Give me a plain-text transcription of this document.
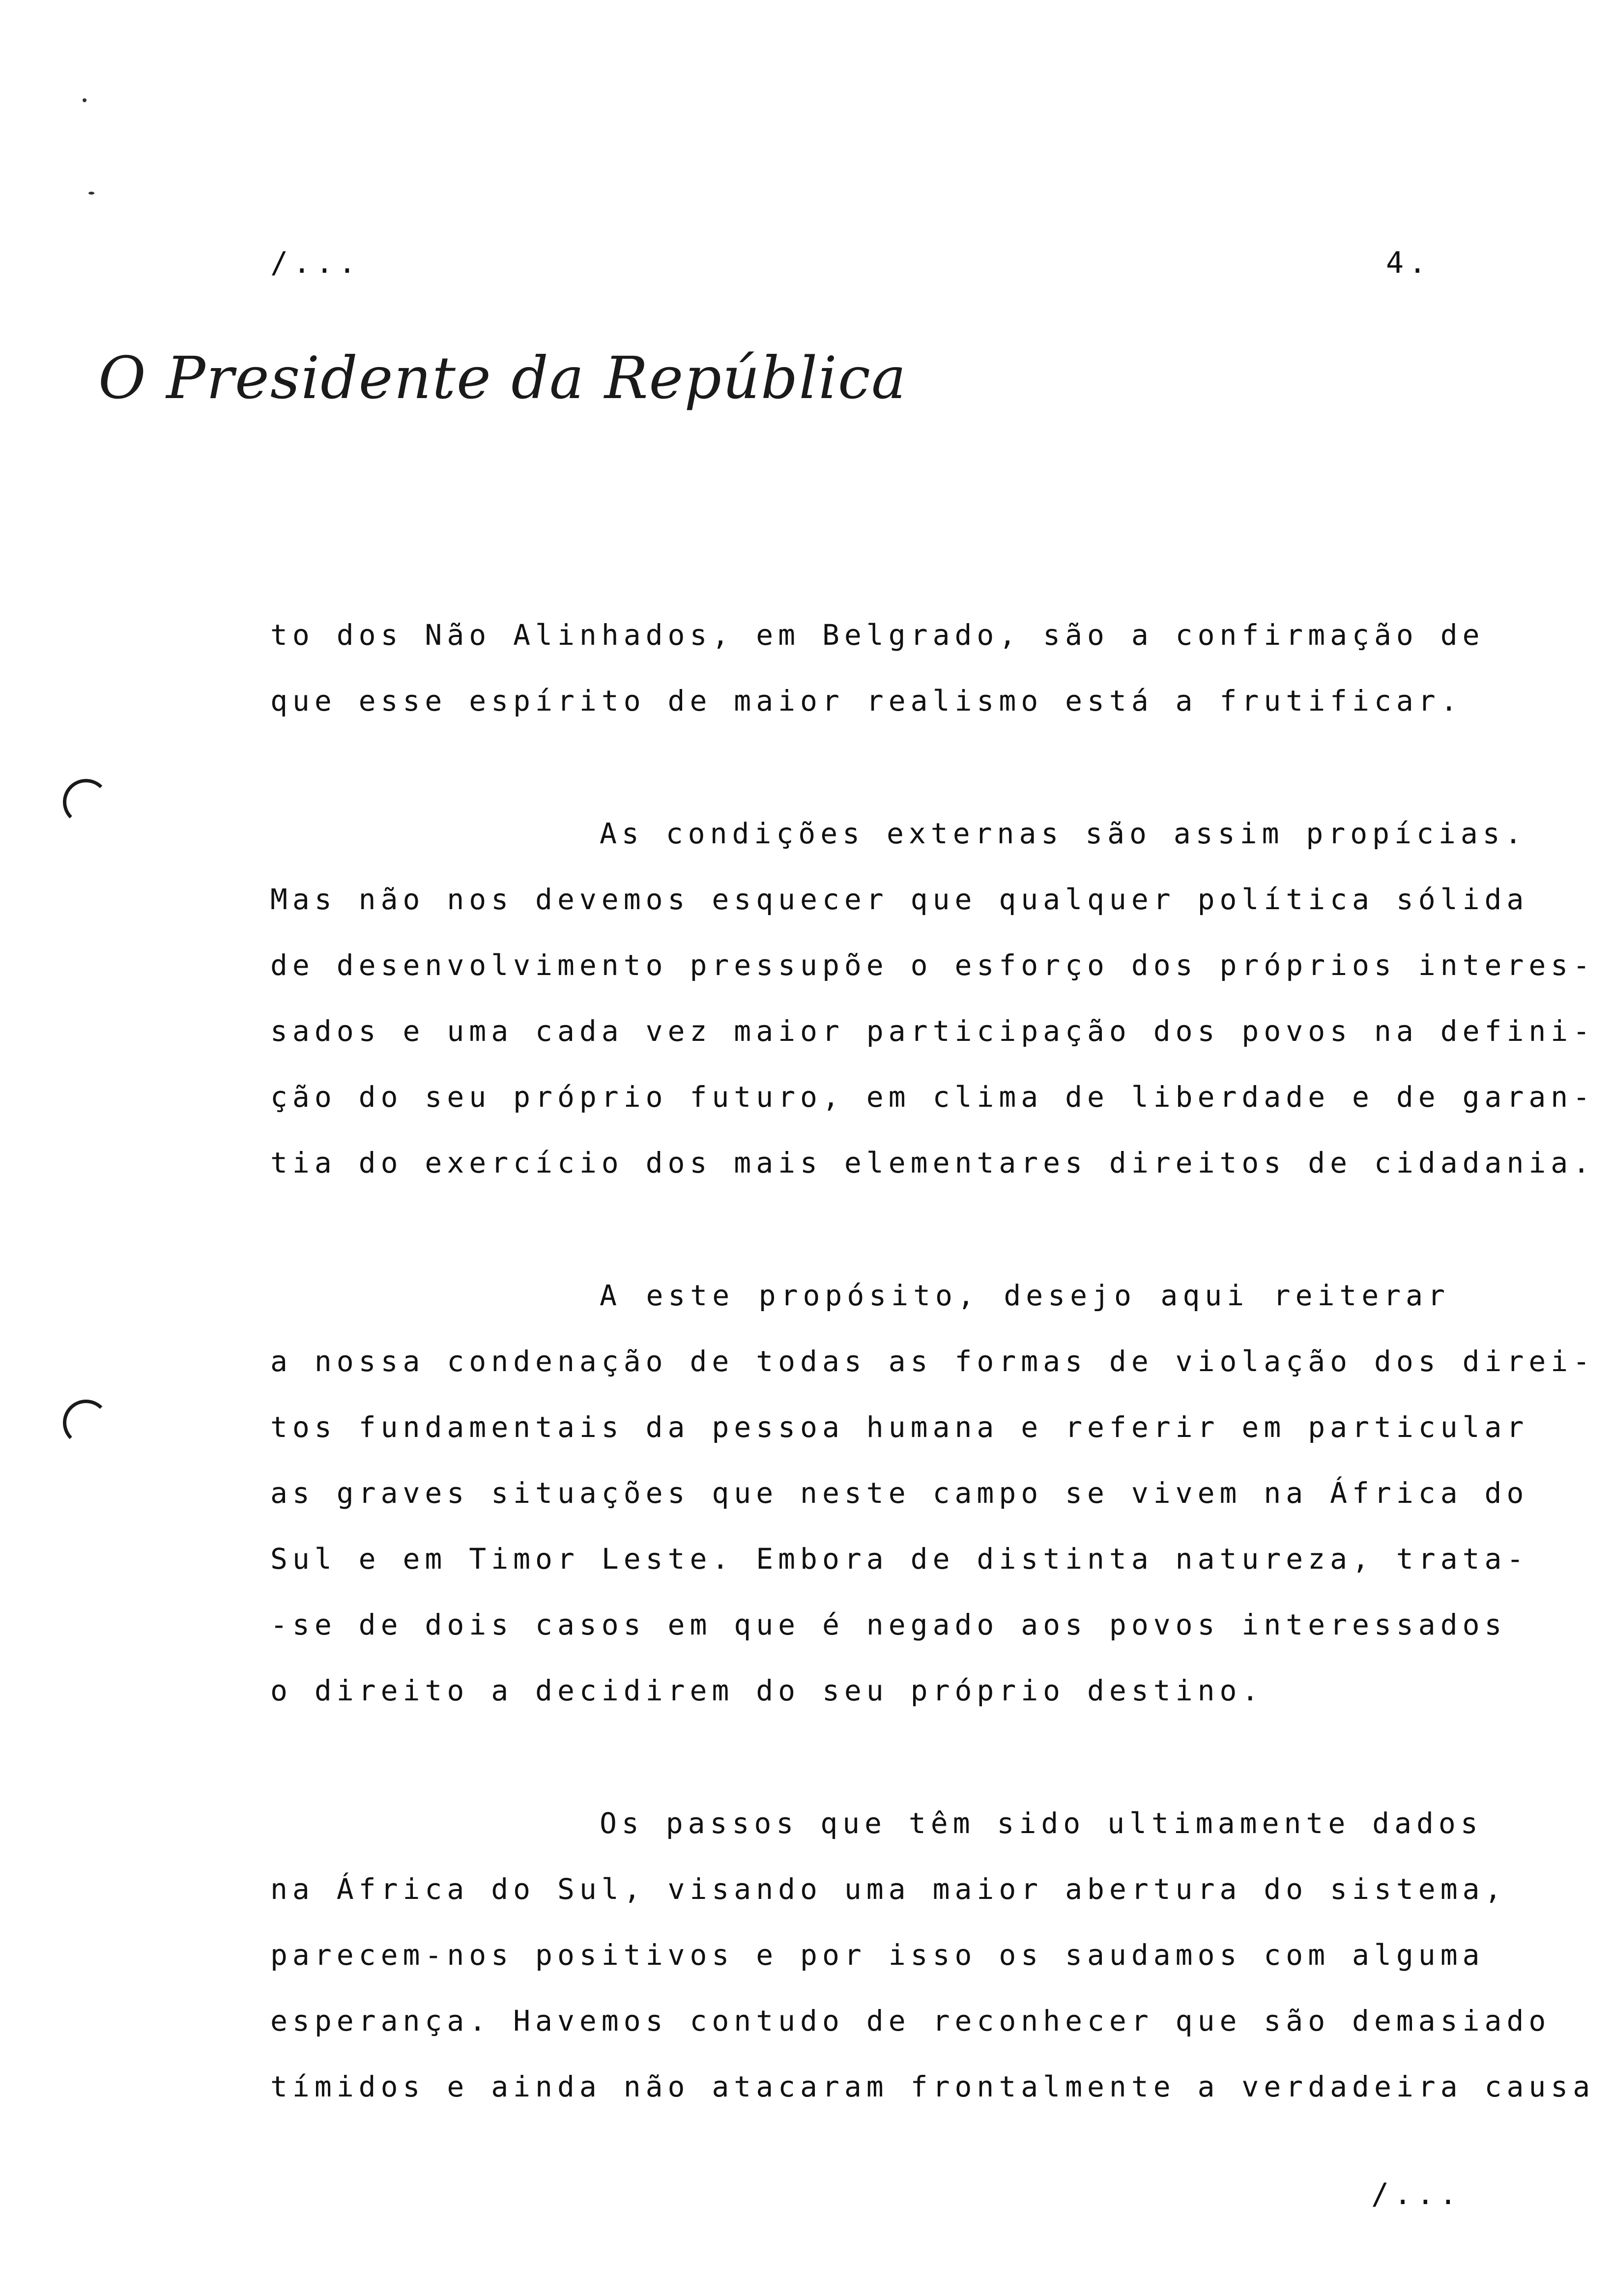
/...	4.
O Presidente da República
to dos Não Alinhados, em Belgrado, são a confirmação de
que esse espírito de maior realismo está a frutificar.
As condições externas são assim propícias.
Mas não nos devemos esquecer que qualquer política sólida
de desenvolvimento pressupõe o esforço dos próprios interes-
sados e uma cada vez maior participação dos povos na defini-
ção do seu próprio futuro, em clima de liberdade e de garan-
tia do exercício dos mais elementares direitos de cidadania.
A este propósito, desejo aqui reiterar
a nossa condenação de todas as formas de violação dos direi-
tos fundamentais da pessoa humana e referir em particular
as graves situações que neste campo se vivem na África do
Sul e em Timor Leste. Embora de distinta natureza, trata-
-se de dois casos em que é negado aos povos interessados
o direito a decidirem do seu próprio destino.
Os passos que têm sido ultimamente dados
na África do Sul, visando uma maior abertura do sistema,
parecem-nos positivos e por isso os saudamos com alguma
esperança. Havemos contudo de reconhecer que são demasiado
tímidos e ainda não atacaram frontalmente a verdadeira causa
/...
